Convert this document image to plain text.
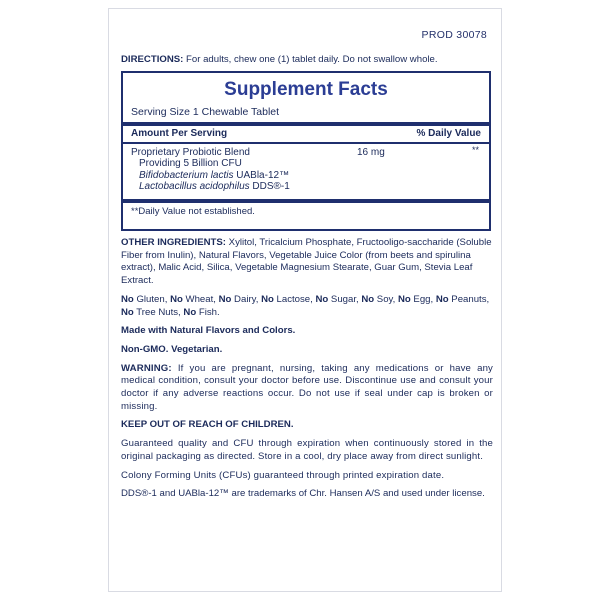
PROD 30078
DIRECTIONS: For adults, chew one (1) tablet daily. Do not swallow whole.
Supplement Facts
Serving Size 1 Chewable Tablet
Amount Per Serving	% Daily Value
Proprietary Probiotic Blend
Providing 5 Billion CFU
Bifidobacterium lactis UABla-12™
Lactobacillus acidophilus DDS®-1
16 mg	**
**Daily Value not established.

OTHER INGREDIENTS: Xylitol, Tricalcium Phosphate, Fructooligo-saccharide (Soluble Fiber from Inulin), Natural Flavors, Vegetable Juice Color (from beets and spirulina extract), Malic Acid, Silica, Vegetable Magnesium Stearate, Guar Gum, Stevia Leaf Extract.

No Gluten, No Wheat, No Dairy, No Lactose, No Sugar, No Soy, No Egg, No Peanuts, No Tree Nuts, No Fish.

Made with Natural Flavors and Colors.

Non-GMO. Vegetarian.

WARNING: If you are pregnant, nursing, taking any medications or have any medical condition, consult your doctor before use. Discontinue use and consult your doctor if any adverse reactions occur. Do not use if seal under cap is broken or missing.

KEEP OUT OF REACH OF CHILDREN.

Guaranteed quality and CFU through expiration when continuously stored in the original packaging as directed. Store in a cool, dry place away from direct sunlight.

Colony Forming Units (CFUs) guaranteed through printed expiration date.

DDS®-1 and UABla-12™ are trademarks of Chr. Hansen A/S and used under license.
